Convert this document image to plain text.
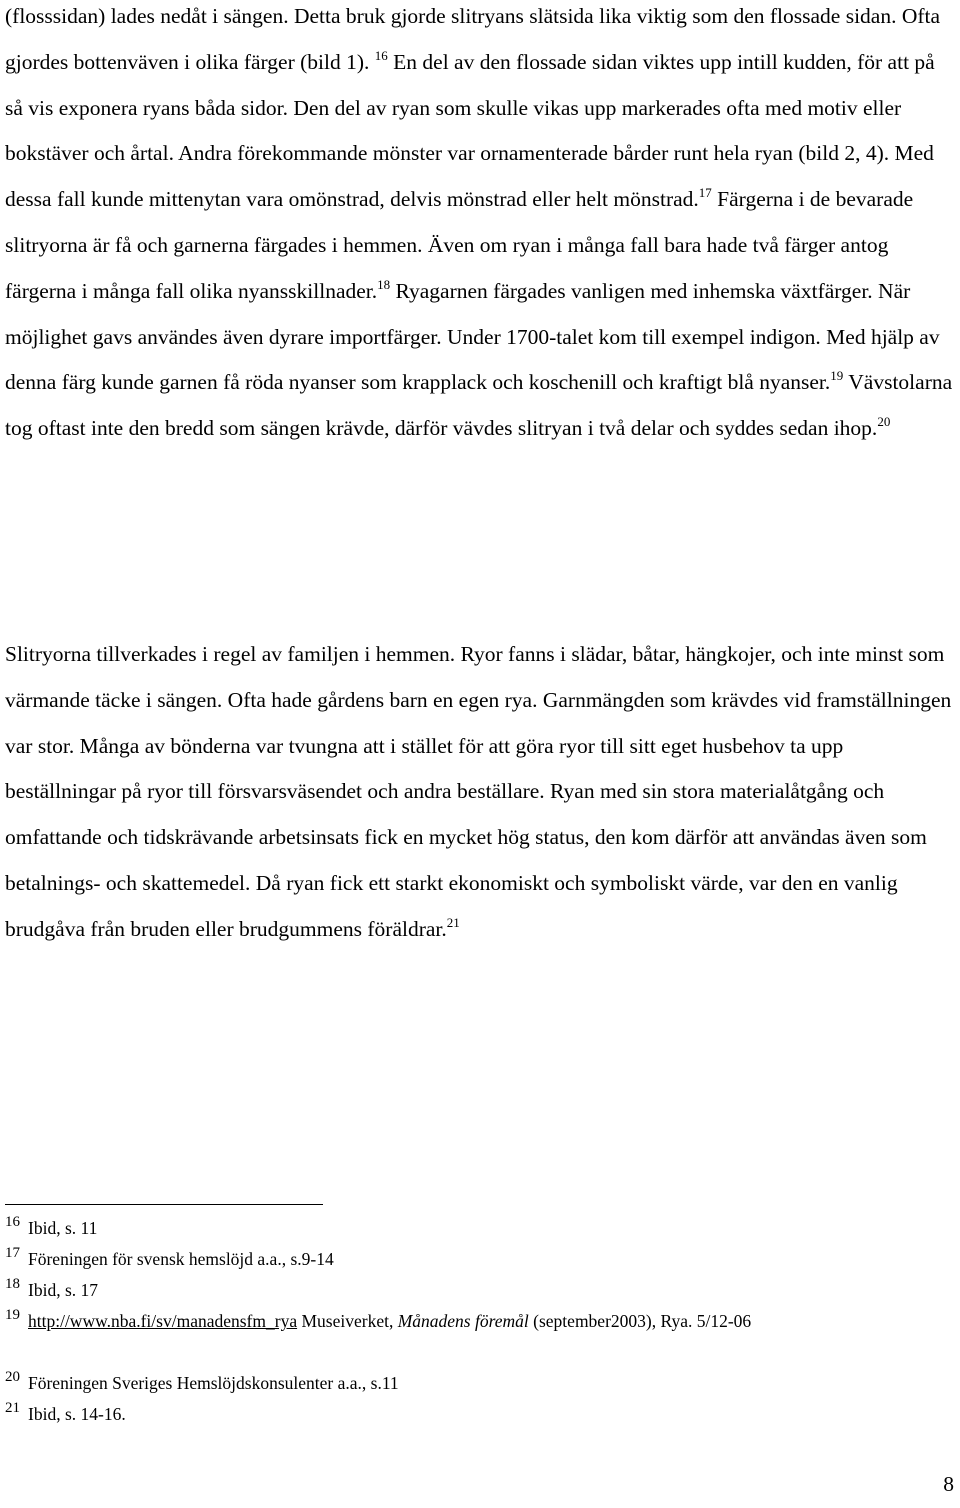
(flosssidan) lades nedåt i sängen. Detta bruk gjorde slitryans slätsida lika viktig som den flossade sidan. Ofta gjordes bottenväven i olika färger (bild 1). $^{16}$ En del av den flossade sidan viktes upp intill kudden, för att på så vis exponera ryans båda sidor. Den del av ryan som skulle vikas upp markerades ofta med motiv eller bokstäver och årtal. Andra förekommande mönster var ornamenterade bårder runt hela ryan (bild 2, 4). Med dessa fall kunde mittenytan vara omönstrad, delvis mönstrad eller helt mönstrad.$^{17}$ Färgerna i de bevarade slitryorna är få och garnerna färgades i hemmen. Även om ryan i många fall bara hade två färger antog färgerna i många fall olika nyansskillnader.$^{18}$ Ryagarnen färgades vanligen med inhemska växtfärger. När möjlighet gavs användes även dyrare importfärger. Under 1700-talet kom till exempel indigon. Med hjälp av denna färg kunde garnen få röda nyanser som krapplack och koschenill och kraftigt blå nyanser.$^{19}$ Vävstolarna tog oftast inte den bredd som sängen krävde, därför vävdes slitryan i två delar och syddes sedan ihop.$^{20}$

Slitryorna tillverkades i regel av familjen i hemmen. Ryor fanns i slädar, båtar, hängkojer, och inte minst som värmande täcke i sängen. Ofta hade gårdens barn en egen rya. Garnmängden som krävdes vid framställningen var stor. Många av bönderna var tvungna att i stället för att göra ryor till sitt eget husbehov ta upp beställningar på ryor till försvarsväsendet och andra beställare. Ryan med sin stora materialåtgång och omfattande och tidskrävande arbetsinsats fick en mycket hög status, den kom därför att användas även som betalnings- och skattemedel. Då ryan fick ett starkt ekonomiskt och symboliskt värde, var den en vanlig brudgåva från bruden eller brudgummens föräldrar.$^{21}$

16 Ibid, s. 11
17 Föreningen för svensk hemslöjd a.a., s.9-14
18 Ibid, s. 17
19 http://www.nba.fi/sv/manadensfm_rya Museiverket, Månadens föremål (september2003), Rya. 5/12-06
20 Föreningen Sveriges Hemslöjdskonsulenter a.a., s.11
21 Ibid, s. 14-16.
8
